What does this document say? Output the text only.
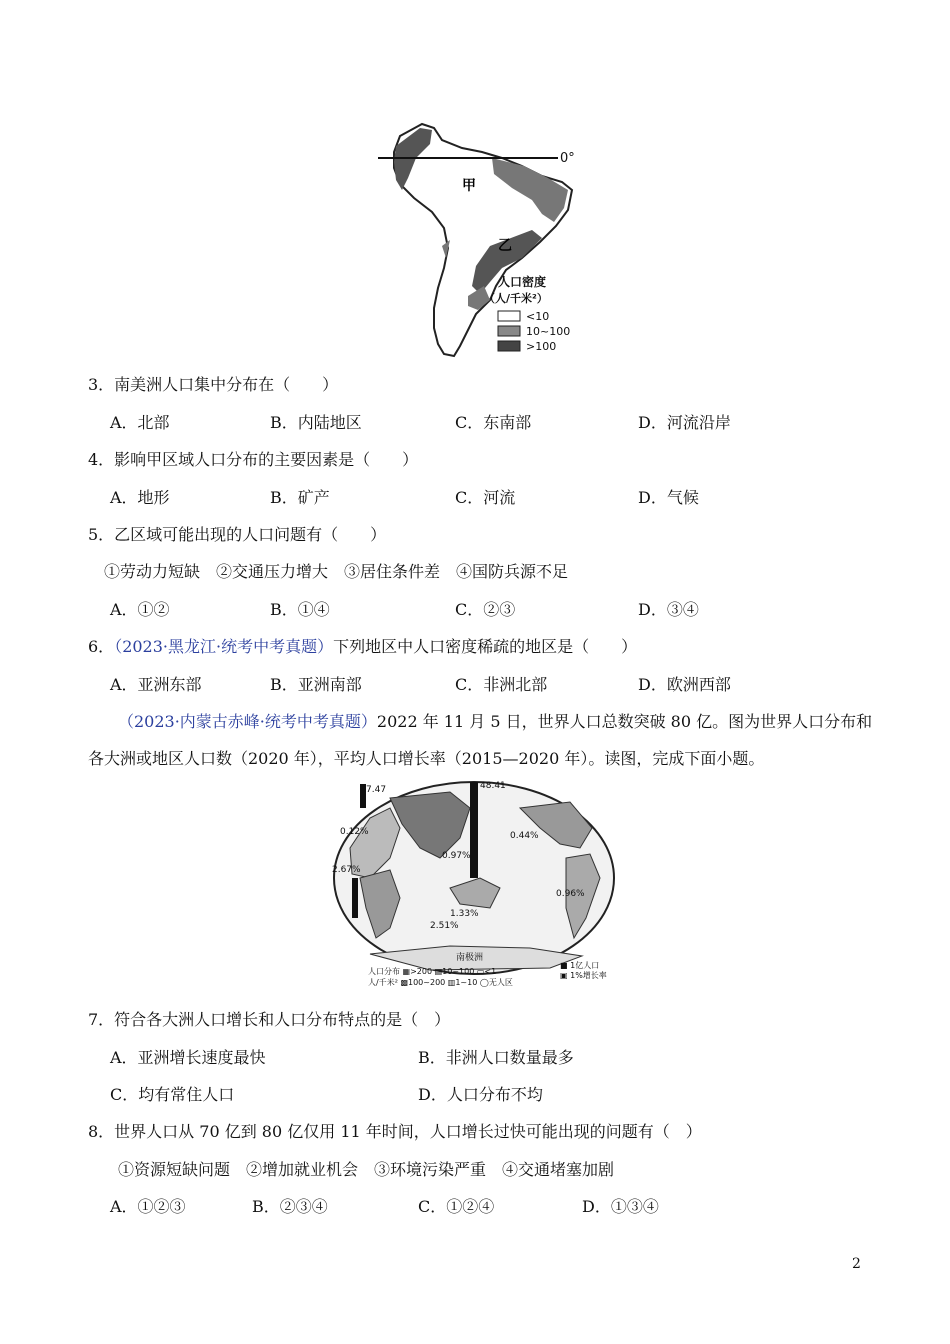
0°
甲
乙
人口密度
（人/千米²）
<10
10~100
>100
3．南美洲人口集中分布在（　　）
A．北部	B．内陆地区	C．东南部	D．河流沿岸
4．影响甲区域人口分布的主要因素是（　　）
A．地形	B．矿产	C．河流	D．气候
5．乙区域可能出现的人口问题有（　　）
①劳动力短缺　②交通压力增大　③居住条件差　④国防兵源不足
A．①②	B．①④	C．②③	D．③④
6．（2023·黑龙江·统考中考真题）下列地区中人口密度稀疏的地区是（　　）
A．亚洲东部	B．亚洲南部	C．非洲北部	D．欧洲西部
（2023·内蒙古赤峰·统考中考真题）2022 年 11 月 5 日，世界人口总数突破 80 亿。图为世界人口分布和
各大洲或地区人口数（2020 年），平均人口增长率（2015—2020 年）。读图，完成下面小题。
7.47
0.12%
48.41
0.44%
2.67%
0.97%
0.96%
1.33%
2.51%
南极洲
人口分布 ▦>200 ▤10~100 ▭<1
人/千米² ▩100~200 ▥1~10 ◯无人区
■ 1亿人口
▣ 1%增长率
7．符合各大洲人口增长和人口分布特点的是（　）
A．亚洲增长速度最快	B．非洲人口数量最多
C．均有常住人口	D．人口分布不均
8．世界人口从 70 亿到 80 亿仅用 11 年时间，人口增长过快可能出现的问题有（　）
①资源短缺问题　②增加就业机会　③环境污染严重　④交通堵塞加剧
A．①②③	B．②③④	C．①②④	D．①③④
2
